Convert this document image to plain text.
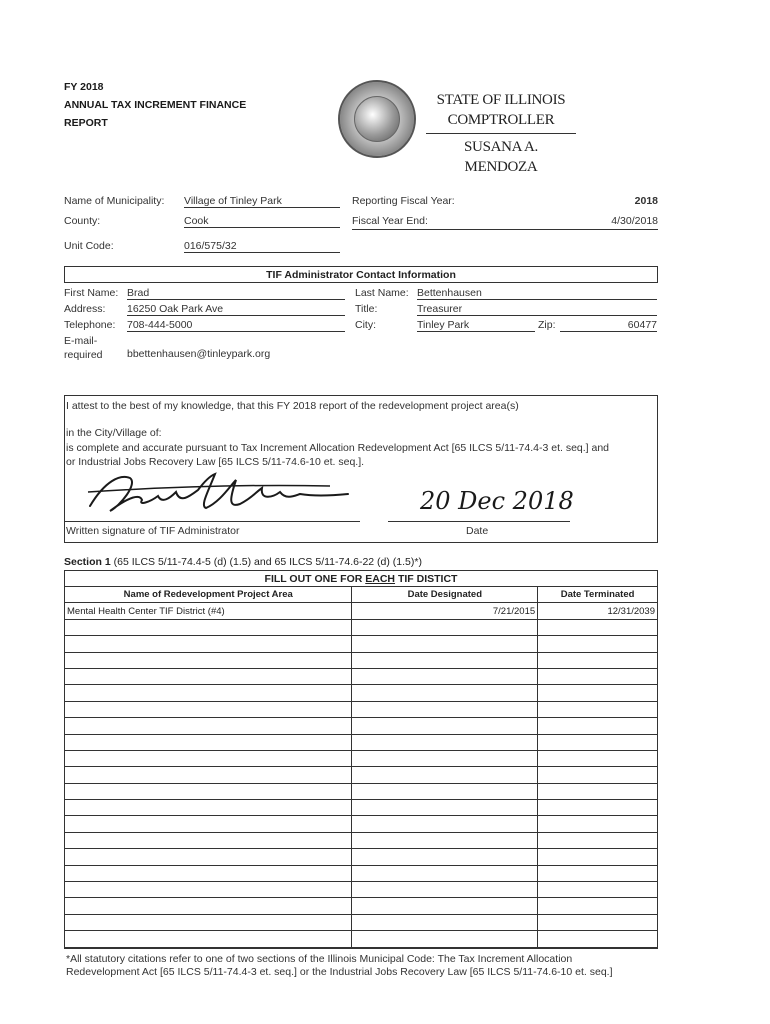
FY 2018
ANNUAL TAX INCREMENT FINANCE
REPORT
STATE OF ILLINOIS
COMPTROLLER
SUSANA A. MENDOZA
Name of Municipality: Village of Tinley Park
County:	Cook
Unit Code:	016/575/32
Reporting Fiscal Year:	2018
Fiscal Year End:	4/30/2018
TIF Administrator Contact Information
First Name: Brad	Last Name: Bettenhausen
Address: 16250 Oak Park Ave	Title:	Treasurer
Telephone: 708-444-5000	City:	Tinley Park	Zip:	60477
E-mail-
required bbettenhausen@tinleypark.org
I attest to the best of my knowledge, that this FY 2018 report of the redevelopment project area(s)
in the City/Village of:
is complete and accurate pursuant to Tax Increment Allocation Redevelopment Act [65 ILCS 5/11-74.4-3 et. seq.] and
or Industrial Jobs Recovery Law [65 ILCS 5/11-74.6-10 et. seq.].
20 Dec 2018
Written signature of TIF Administrator	Date
Section 1 (65 ILCS 5/11-74.4-5 (d) (1.5) and 65 ILCS 5/11-74.6-22 (d) (1.5)*)
FILL OUT ONE FOR EACH TIF DISTICT
Name of Redevelopment Project Area	Date Designated	Date Terminated
Mental Health Center TIF District (#4)	7/21/2015	12/31/2039

*All statutory citations refer to one of two sections of the Illinois Municipal Code: The Tax Increment Allocation
Redevelopment Act [65 ILCS 5/11-74.4-3 et. seq.] or the Industrial Jobs Recovery Law [65 ILCS 5/11-74.6-10 et. seq.]
